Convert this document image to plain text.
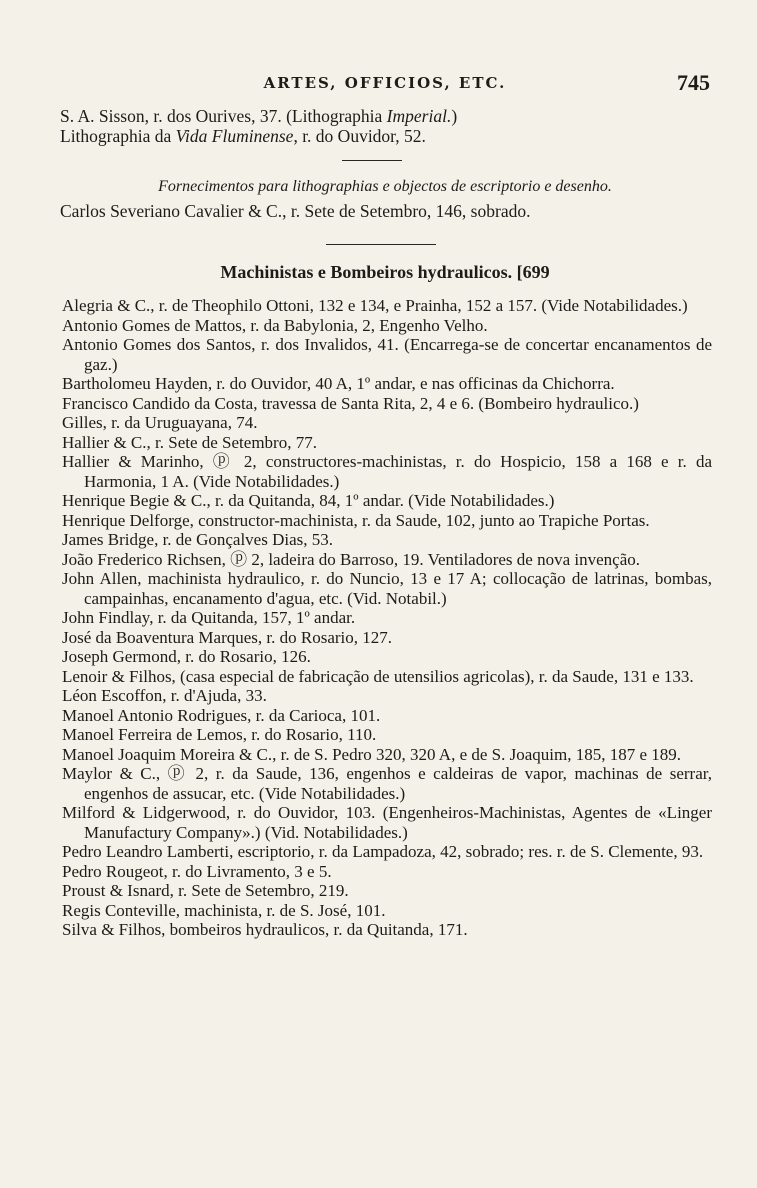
ARTES, OFFICIOS, ETC.	745
S. A. Sisson, r. dos Ourives, 37. (Lithographia Imperial.)
Lithographia da Vida Fluminense, r. do Ouvidor, 52.
Fornecimentos para lithographias e objectos de escriptorio e desenho.
Carlos Severiano Cavalier & C., r. Sete de Setembro, 146, sobrado.
Machinistas e Bombeiros hydraulicos. [699
Alegria & C., r. de Theophilo Ottoni, 132 e 134, e Prainha, 152 a 157. (Vide Notabilidades.)
Antonio Gomes de Mattos, r. da Babylonia, 2, Engenho Velho.
Antonio Gomes dos Santos, r. dos Invalidos, 41. (Encarrega-se de concertar encanamentos de gaz.)
Bartholomeu Hayden, r. do Ouvidor, 40 A, 1º andar, e nas officinas da Chichorra.
Francisco Candido da Costa, travessa de Santa Rita, 2, 4 e 6. (Bombeiro hydraulico.)
Gilles, r. da Uruguayana, 74.
Hallier & C., r. Sete de Setembro, 77.
Hallier & Marinho, ⓟ 2, constructores-machinistas, r. do Hospicio, 158 a 168 e r. da Harmonia, 1 A. (Vide Notabilidades.)
Henrique Begie & C., r. da Quitanda, 84, 1º andar. (Vide Notabilidades.)
Henrique Delforge, constructor-machinista, r. da Saude, 102, junto ao Trapiche Portas.
James Bridge, r. de Gonçalves Dias, 53.
João Frederico Richsen, ⓟ 2, ladeira do Barroso, 19. Ventiladores de nova invenção.
John Allen, machinista hydraulico, r. do Nuncio, 13 e 17 A; collocação de latrinas, bombas, campainhas, encanamento d'agua, etc. (Vid. Notabil.)
John Findlay, r. da Quitanda, 157, 1º andar.
José da Boaventura Marques, r. do Rosario, 127.
Joseph Germond, r. do Rosario, 126.
Lenoir & Filhos, (casa especial de fabricação de utensilios agricolas), r. da Saude, 131 e 133.
Léon Escoffon, r. d'Ajuda, 33.
Manoel Antonio Rodrigues, r. da Carioca, 101.
Manoel Ferreira de Lemos, r. do Rosario, 110.
Manoel Joaquim Moreira & C., r. de S. Pedro 320, 320 A, e de S. Joaquim, 185, 187 e 189.
Maylor & C., ⓟ 2, r. da Saude, 136, engenhos e caldeiras de vapor, machinas de serrar, engenhos de assucar, etc. (Vide Notabilidades.)
Milford & Lidgerwood, r. do Ouvidor, 103. (Engenheiros-Machinistas, Agentes de «Linger Manufactury Company».) (Vid. Notabilidades.)
Pedro Leandro Lamberti, escriptorio, r. da Lampadoza, 42, sobrado; res. r. de S. Clemente, 93.
Pedro Rougeot, r. do Livramento, 3 e 5.
Proust & Isnard, r. Sete de Setembro, 219.
Regis Conteville, machinista, r. de S. José, 101.
Silva & Filhos, bombeiros hydraulicos, r. da Quitanda, 171.
